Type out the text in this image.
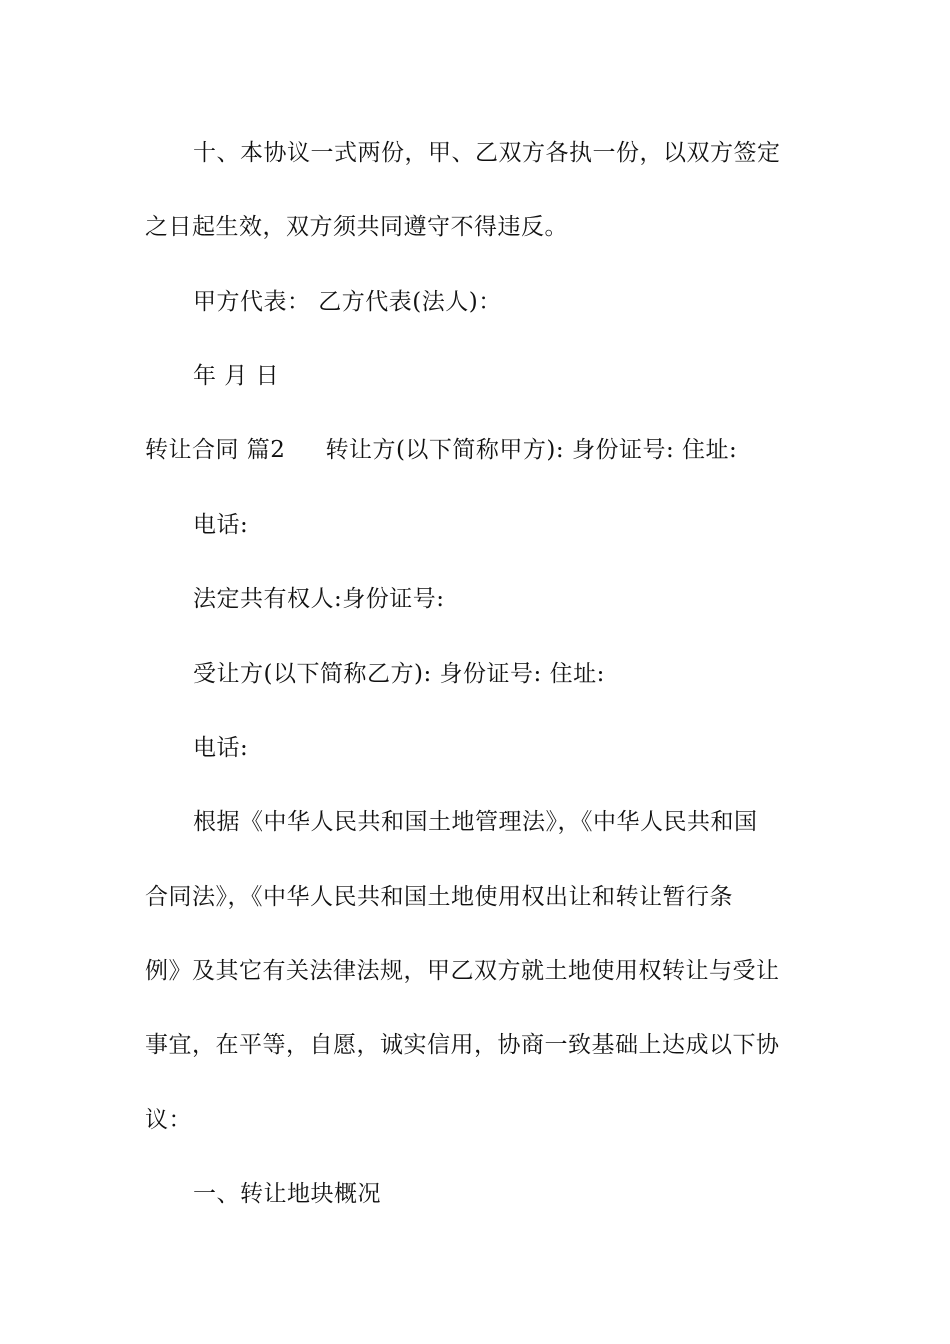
十、本协议一式两份，甲、乙双方各执一份，以双方签定
之日起生效，双方须共同遵守不得违反。
甲方代表： 乙方代表(法人)：
年 月 日
转让合同 篇2 转让方(以下简称甲方): 身份证号: 住址:
电话:
法定共有权人:身份证号:
受让方(以下简称乙方): 身份证号: 住址:
电话:
根据《中华人民共和国土地管理法》，《中华人民共和国
合同法》，《中华人民共和国土地使用权出让和转让暂行条
例》及其它有关法律法规，甲乙双方就土地使用权转让与受让
事宜，在平等，自愿，诚实信用，协商一致基础上达成以下协
议：
一、转让地块概况
